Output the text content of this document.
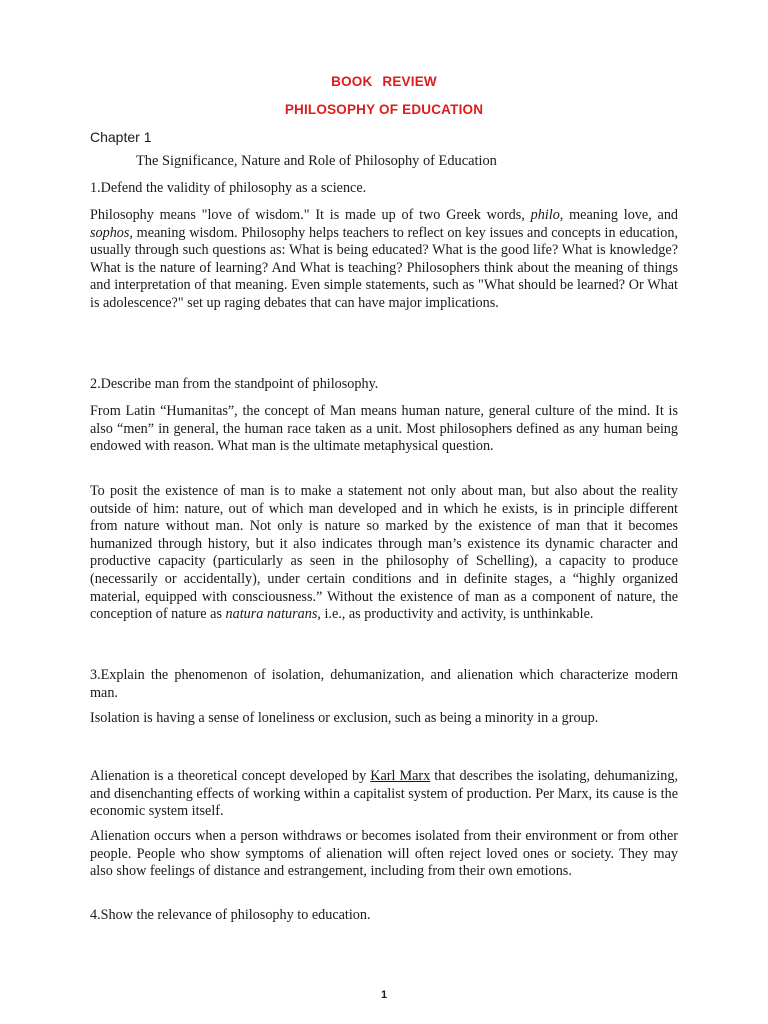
BOOK REVIEW
PHILOSOPHY OF EDUCATION
Chapter 1
The Significance, Nature and Role of Philosophy of Education

1.Defend the validity of philosophy as a science.

Philosophy means "love of wisdom." It is made up of two Greek words, philo, meaning love, and sophos, meaning wisdom. Philosophy helps teachers to reflect on key issues and concepts in education, usually through such questions as: What is being educated? What is the good life? What is knowledge? What is the nature of learning? And What is teaching? Philosophers think about the meaning of things and interpretation of that meaning. Even simple statements, such as "What should be learned? Or What is adolescence?" set up raging debates that can have major implications.

2.Describe man from the standpoint of philosophy.

From Latin “Humanitas”, the concept of Man means human nature, general culture of the mind. It is also “men” in general, the human race taken as a unit. Most philosophers defined as any human being endowed with reason. What man is the ultimate metaphysical question.

To posit the existence of man is to make a statement not only about man, but also about the reality outside of him: nature, out of which man developed and in which he exists, is in principle different from nature without man. Not only is nature so marked by the existence of man that it becomes humanized through history, but it also indicates through man’s existence its dynamic character and productive capacity (particularly as seen in the philosophy of Schelling), a capacity to produce (necessarily or accidentally), under certain conditions and in definite stages, a “highly organized material, equipped with consciousness.” Without the existence of man as a component of nature, the conception of nature as natura naturans, i.e., as productivity and activity, is unthinkable.

3.Explain the phenomenon of isolation, dehumanization, and alienation which characterize modern man.

Isolation is having a sense of loneliness or exclusion, such as being a minority in a group.

Alienation is a theoretical concept developed by Karl Marx that describes the isolating, dehumanizing, and disenchanting effects of working within a capitalist system of production. Per Marx, its cause is the economic system itself.

Alienation occurs when a person withdraws or becomes isolated from their environment or from other people. People who show symptoms of alienation will often reject loved ones or society. They may also show feelings of distance and estrangement, including from their own emotions.

4.Show the relevance of philosophy to education.

1
